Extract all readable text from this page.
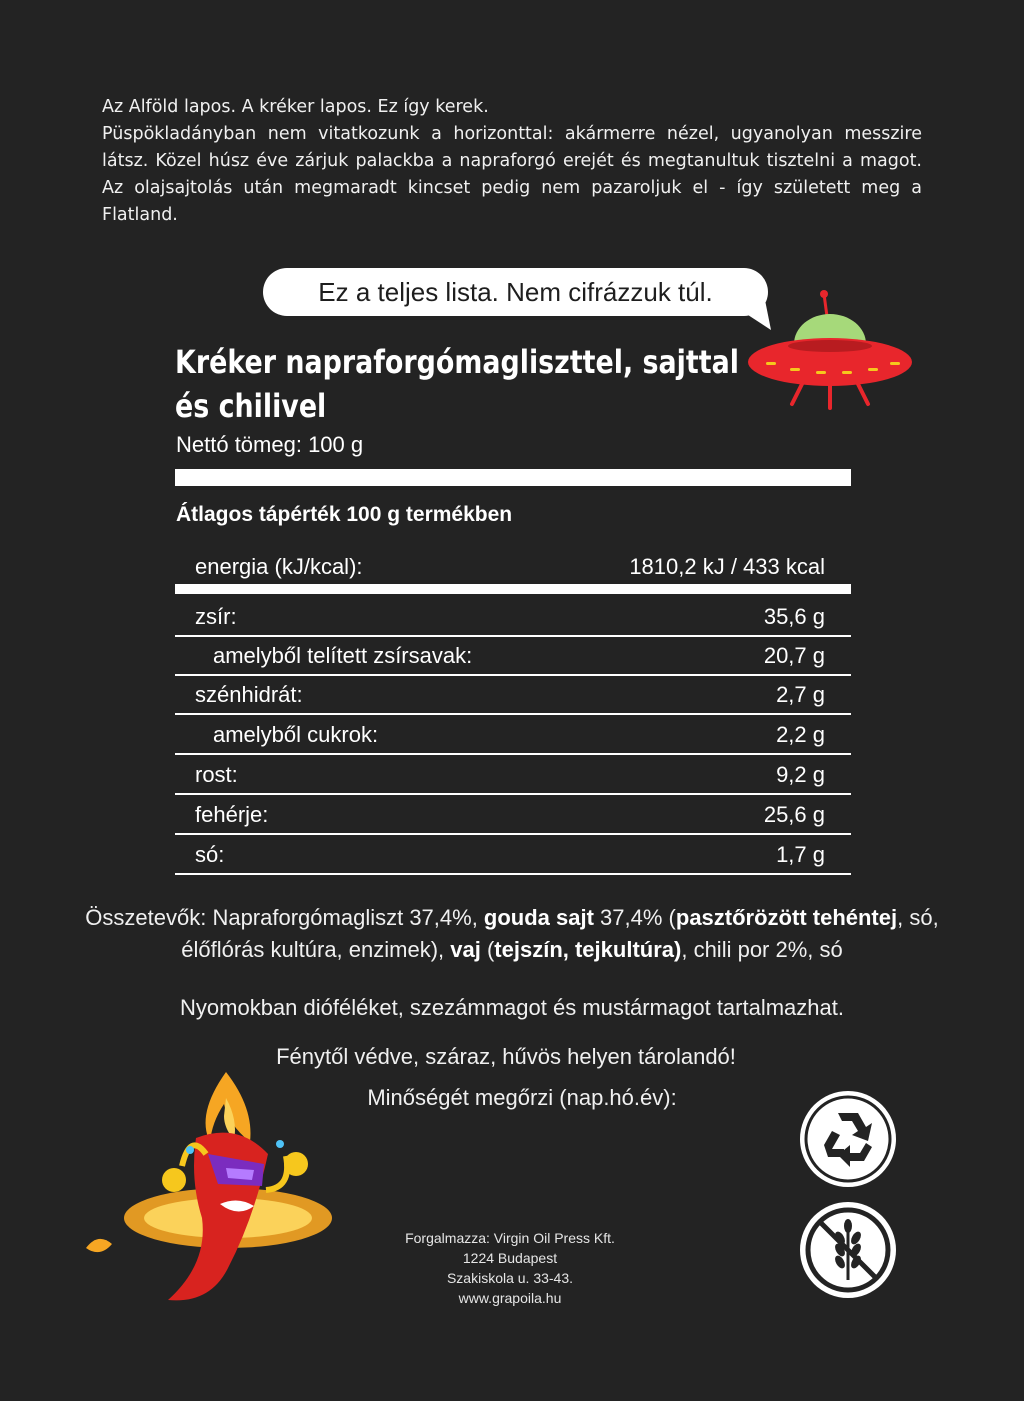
Az Alföld lapos. A kréker lapos. Ez így kerek.

Püspökladányban nem vitatkozunk a horizonttal: akármerre nézel, ugyanolyan messzire látsz. Közel húsz éve zárjuk palackba a napraforgó erejét és megtanultuk tisztelni a magot. Az olajsajtolás után megmaradt kincset pedig nem pazaroljuk el - így született meg a Flatland.

Ez a teljes lista. Nem cifrázzuk túl.
Kréker napraforgómagliszttel, sajttal
és chilivel
Nettó tömeg: 100 g
Átlagos tápérték 100 g termékben
energia (kJ/kcal):	1810,2 kJ / 433 kcal
zsír:	35,6 g
amelyből telített zsírsavak:	20,7 g
szénhidrát:	2,7 g
amelyből cukrok:	2,2 g
rost:	9,2 g
fehérje:	25,6 g
só:	1,7 g

Összetevők: Napraforgómagliszt 37,4%, gouda sajt 37,4% (pasztőrözött tehéntej, só, élőflórás kultúra, enzimek), vaj (tejszín, tejkultúra), chili por 2%, só

Nyomokban dióféléket, szezámmagot és mustármagot tartalmazhat.
Fénytől védve, száraz, hűvös helyen tárolandó!
Minőségét megőrzi (nap.hó.év):
Forgalmazza: Virgin Oil Press Kft.
1224 Budapest
Szakiskola u. 33-43.
www.grapoila.hu
